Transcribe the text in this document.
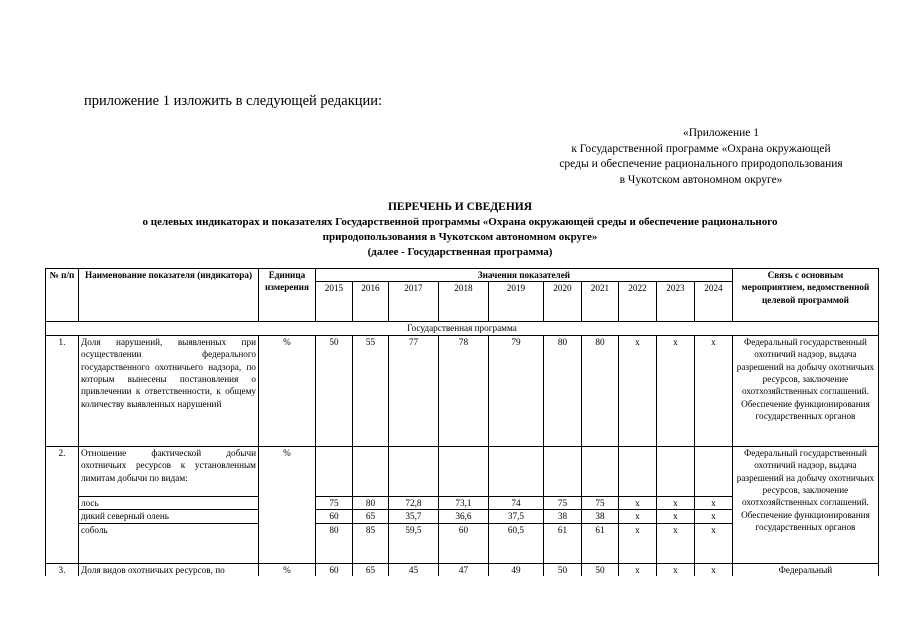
приложение 1 изложить в следующей редакции:
«Приложение 1
к Государственной программе «Охрана окружающей
среды и обеспечение рационального природопользования
в Чукотском автономном округе»
ПЕРЕЧЕНЬ И СВЕДЕНИЯ
о целевых индикаторах и показателях Государственной программы «Охрана окружающей среды и обеспечение рационального
природопользования в Чукотском автономном округе»
(далее - Государственная программа)
№ п/п	Наименование показателя (индикатора)	Единица измерения	Значения показателей										Связь с основным мероприятием, ведомственной целевой программой
			2015	2016	2017	2018	2019	2020	2021	2022	2023	2024	
Государственная программа													
1.	Доля нарушений, выявленных при осуществлении федерального государственного охотничьего надзора, по которым вынесены постановления о привлечении к ответственности, к общему количеству выявленных нарушений	%	50	55	77	78	79	80	80	x	x	x	Федеральный государственный охотничий надзор, выдача разрешений на добычу охотничьих ресурсов, заключение охотхозяйственных соглашений. Обеспечение функционирования государственных органов
2.	Отношение фактической добычи охотничьих ресурсов к установленным лимитам добычи по видам:	%											Федеральный государственный охотничий надзор, выдача разрешений на добычу охотничьих ресурсов, заключение охотхозяйственных соглашений. Обеспечение функционирования государственных органов
	лось		75	80	72,8	73,1	74	75	75	x	x	x	
	дикий северный олень		60	65	35,7	36,6	37,5	38	38	x	x	x	
	соболь		80	85	59,5	60	60,5	61	61	x	x	x	
3.	Доля видов охотничьих ресурсов, по	%	60	65	45	47	49	50	50	x	x	x	Федеральный
